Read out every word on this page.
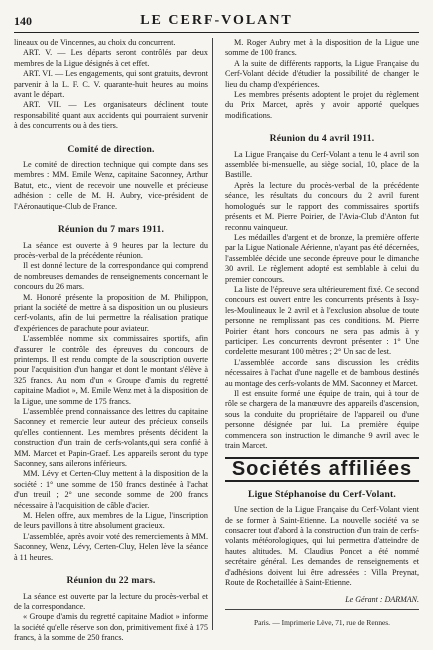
140	LE CERF-VOLANT

lineaux ou de Vincennes, au choix du concurrent.

ART. V. — Les départs seront contrôlés par deux membres de la Ligue désignés à cet effet.

ART. VI. — Les engagements, qui sont gratuits, devront parvenir à la L. F. C. V. quarante-huit heures au moins avant le départ.

ART. VII. — Les organisateurs déclinent toute responsabilité quant aux accidents qui pourraient survenir à des concurrents ou à des tiers.

Comité de direction.

Le comité de direction technique qui compte dans ses membres : MM. Emile Wenz, capitaine Saconney, Arthur Batut, etc., vient de recevoir une nouvelle et précieuse adhésion : celle de M. H. Aubry, vice-président de l'Aéronautique-Club de France.

Réunion du 7 mars 1911.

La séance est ouverte à 9 heures par la lecture du procès-verbal de la précédente réunion.

Il est donné lecture de la correspondance qui comprend de nombreuses demandes de renseignements concernant le concours du 26 mars.

M. Honoré présente la proposition de M. Philippon, priant la société de mettre à sa disposition un ou plusieurs cerf-volants, afin de lui permettre la réalisation pratique d'expériences de parachute pour aviateur.

L'assemblée nomme six commissaires sportifs, afin d'assurer le contrôle des épreuves du concours de printemps. Il est rendu compte de la souscription ouverte pour l'acquisition d'un hangar et dont le montant s'élève à 325 francs. Au nom d'un « Groupe d'amis du regretté capitaine Madiot », M. Emile Wenz met à la disposition de la Ligue, une somme de 175 francs.

L'assemblée prend connaissance des lettres du capitaine Saconney et remercie leur auteur des précieux conseils qu'elles contiennent. Les membres présents décident la construction d'un train de cerfs-volants,qui sera confié à MM. Marcet et Papin-Graef. Les appareils seront du type Saconney, sans ailerons inférieurs.

MM. Lévy et Certen-Cluy mettent à la disposition de la société : 1° une somme de 150 francs destinée à l'achat d'un treuil ; 2° une seconde somme de 200 francs nécessaire à l'acquisition de câble d'acier.

M. Helen offre, aux membres de la Ligue, l'inscription de leurs pavillons à titre absolument gracieux.

L'assemblée, après avoir voté des remerciements à MM. Saconney, Wenz, Lévy, Certen-Cluy, Helen lève la séance à 11 heures.

Réunion du 22 mars.

La séance est ouverte par la lecture du procès-verbal et de la correspondance.

« Groupe d'amis du regretté capitaine Madiot » informe la société qu'elle réserve son don, primitivement fixé à 175 francs, à la somme de 250 francs.

M. Roger Aubry met à la disposition de la Ligue une somme de 100 francs.

A la suite de différents rapports, la Ligue Française du Cerf-Volant décide d'étudier la possibilité de changer le lieu du champ d'expériences.

Les membres présents adoptent le projet du règlement du Prix Marcet, après y avoir apporté quelques modifications.

Réunion du 4 avril 1911.

La Ligue Française du Cerf-Volant a tenu le 4 avril son assemblée bi-mensuelle, au siège social, 10, place de la Bastille.

Après la lecture du procès-verbal de la précédente séance, les résultats du concours du 2 avril furent homologués sur le rapport des commissaires sportifs présents et M. Pierre Poirier, de l'Avia-Club d'Anton fut reconnu vainqueur.

Les médailles d'argent et de bronze, la première offerte par la Ligue Nationale Aérienne, n'ayant pas été décernées, l'assemblée décide une seconde épreuve pour le dimanche 30 avril. Le règlement adopté est semblable à celui du premier concours.

La liste de l'épreuve sera ultérieurement fixé. Ce second concours est ouvert entre les concurrents présents à Issy-les-Moulineaux le 2 avril et à l'exclusion absolue de toute personne ne remplissant pas ces conditions. M. Pierre Poirier étant hors concours ne sera pas admis à y participer. Les concurrents devront présenter : 1° Une cordelette mesurant 100 mètres ; 2° Un sac de lest.

L'assemblée accorde sans discussion les crédits nécessaires à l'achat d'une nagelle et de bambous destinés au montage des cerfs-volants de MM. Saconney et Marcet.

Il est ensuite formé une équipe de train, qui à tour de rôle se chargera de la manœuvre des appareils d'ascension, sous la conduite du propriétaire de l'appareil ou d'une personne désignée par lui. La première équipe commencera son instruction le dimanche 9 avril avec le train Marcet.

Sociétés affiliées
Ligue Stéphanoise du Cerf-Volant.

Une section de la Ligue Française du Cerf-Volant vient de se former à Saint-Etienne. La nouvelle société va se consacrer tout d'abord à la construction d'un train de cerfs-volants météorologiques, qui lui permettra d'atteindre de hautes altitudes. M. Claudius Poncet a été nommé secrétaire général. Les demandes de renseignements et d'adhésions doivent lui être adressées : Villa Preynat, Route de Rochetaillée à Saint-Etienne.

Le Gérant : DARMAN.
Paris. — Imprimerie Lève, 71, rue de Rennes.
